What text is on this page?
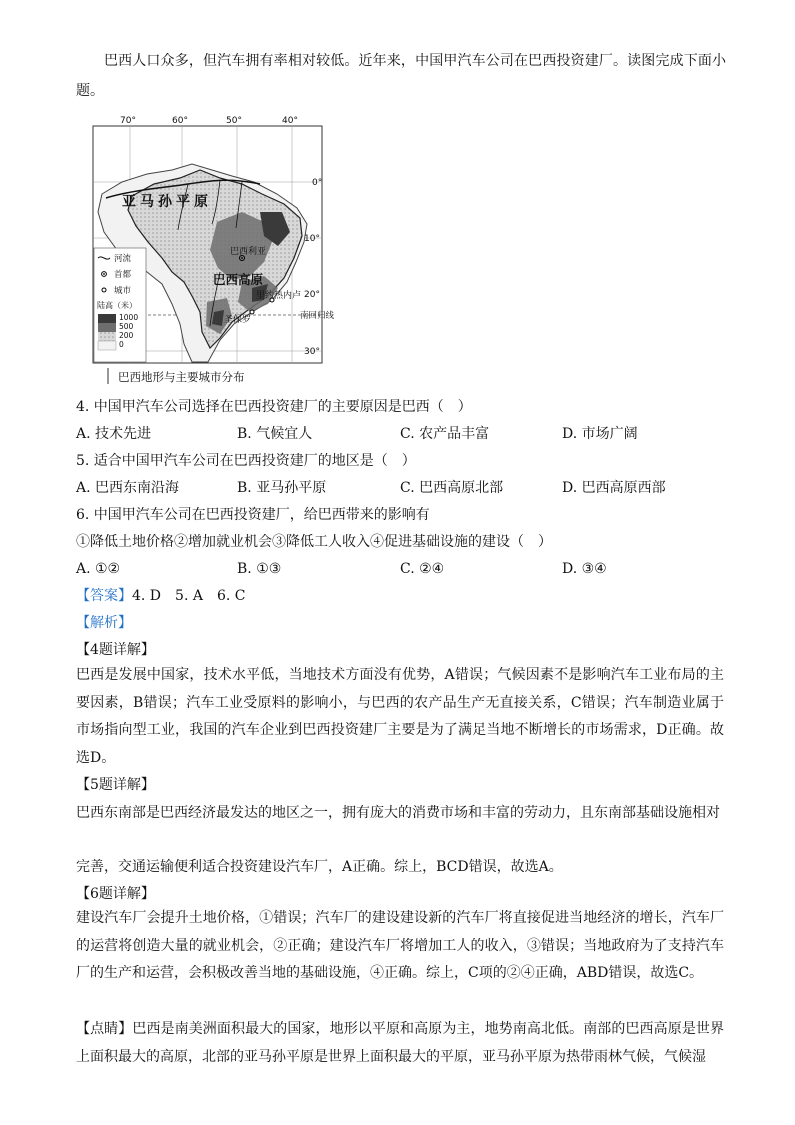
巴西人口众多，但汽车拥有率相对较低。近年来，中国甲汽车公司在巴西投资建厂。读图完成下面小题。
亚马孙平原
巴西高原
巴西利亚
里约热内卢
圣保罗	南回归线
70°	60°	50°	40°
0°
10°
20°
30°
河流
首都
城市
陆高（米）
1000
500
200
0
巴西地形与主要城市分布
4. 中国甲汽车公司选择在巴西投资建厂的主要原因是巴西（　）
A. 技术先进	B. 气候宜人	C. 农产品丰富	D. 市场广阔
5. 适合中国甲汽车公司在巴西投资建厂的地区是（　）
A. 巴西东南沿海	B. 亚马孙平原	C. 巴西高原北部	D. 巴西高原西部
6. 中国甲汽车公司在巴西投资建厂，给巴西带来的影响有
①降低土地价格②增加就业机会③降低工人收入④促进基础设施的建设（　）
A. ①②	B. ①③	C. ②④	D. ③④
【答案】4. D　5. A　6. C
【解析】
【4题详解】
巴西是发展中国家，技术水平低，当地技术方面没有优势，A错误；气候因素不是影响汽车工业布局的主要因素，B错误；汽车工业受原料的影响小，与巴西的农产品生产无直接关系，C错误；汽车制造业属于市场指向型工业，我国的汽车企业到巴西投资建厂主要是为了满足当地不断增长的市场需求，D正确。故选D。
【5题详解】
巴西东南部是巴西经济最发达的地区之一，拥有庞大的消费市场和丰富的劳动力，且东南部基础设施相对
完善，交通运输便利适合投资建设汽车厂，A正确。综上，BCD错误，故选A。
【6题详解】
建设汽车厂会提升土地价格，①错误；汽车厂的建设建设新的汽车厂将直接促进当地经济的增长，汽车厂的运营将创造大量的就业机会，②正确；建设汽车厂将增加工人的收入，③错误；当地政府为了支持汽车厂的生产和运营，会积极改善当地的基础设施，④正确。综上，C项的②④正确，ABD错误，故选C。
【点睛】巴西是南美洲面积最大的国家，地形以平原和高原为主，地势南高北低。南部的巴西高原是世界上面积最大的高原，北部的亚马孙平原是世界上面积最大的平原，亚马孙平原为热带雨林气候，气候湿
